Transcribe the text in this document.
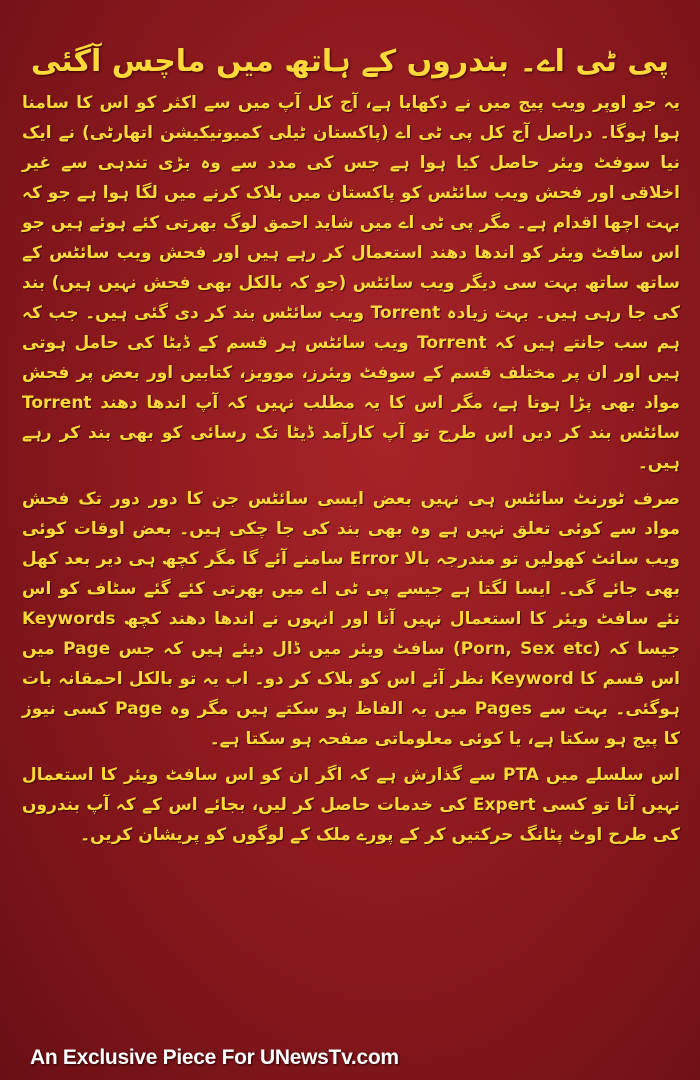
پی ٹی اے۔ بندروں کے ہاتھ میں ماچس آگئی

یہ جو اوپر ویب پیج میں نے دکھایا ہے، آج کل آپ میں سے اکثر کو اس کا سامنا ہوا ہوگا۔ دراصل آج کل پی ٹی اے (پاکستان ٹیلی کمیونیکیشن اتھارٹی) نے ایک نیا سوفٹ ویئر حاصل کیا ہوا ہے جس کی مدد سے وہ بڑی تندہی سے غیر اخلاقی اور فحش ویب سائٹس کو پاکستان میں بلاک کرنے میں لگا ہوا ہے جو کہ بہت اچھا اقدام ہے۔ مگر پی ٹی اے میں شاید احمق لوگ بھرتی کئے ہوئے ہیں جو اس سافٹ ویئر کو اندھا دھند استعمال کر رہے ہیں اور فحش ویب سائٹس کے ساتھ ساتھ بہت سی دیگر ویب سائٹس (جو کہ بالکل بھی فحش نہیں ہیں) بند کی جا رہی ہیں۔ بہت زیادہ Torrent ویب سائٹس بند کر دی گئی ہیں۔ جب کہ ہم سب جانتے ہیں کہ Torrent ویب سائٹس ہر قسم کے ڈیٹا کی حامل ہوتی ہیں اور ان پر مختلف قسم کے سوفٹ ویئرز، موویز، کتابیں اور بعض پر فحش مواد بھی پڑا ہوتا ہے، مگر اس کا یہ مطلب نہیں کہ آپ اندھا دھند Torrent سائٹس بند کر دیں اس طرح تو آپ کارآمد ڈیٹا تک رسائی کو بھی بند کر رہے ہیں۔

صرف ٹورنٹ سائٹس ہی نہیں بعض ایسی سائٹس جن کا دور دور تک فحش مواد سے کوئی تعلق نہیں ہے وہ بھی بند کی جا چکی ہیں۔ بعض اوقات کوئی ویب سائٹ کھولیں تو مندرجہ بالا Error سامنے آئے گا مگر کچھ ہی دیر بعد کھل بھی جائے گی۔ ایسا لگتا ہے جیسے پی ٹی اے میں بھرتی کئے گئے سٹاف کو اس نئے سافٹ ویئر کا استعمال نہیں آتا اور انہوں نے اندھا دھند کچھ Keywords جیسا کہ (Porn, Sex etc) سافٹ ویئر میں ڈال دیئے ہیں کہ جس Page میں اس قسم کا Keyword نظر آئے اس کو بلاک کر دو۔ اب یہ تو بالکل احمقانہ بات ہوگئی۔ بہت سے Pages میں یہ الفاظ ہو سکتے ہیں مگر وہ Page کسی نیوز کا پیج ہو سکتا ہے، یا کوئی معلوماتی صفحہ ہو سکتا ہے۔

اس سلسلے میں PTA سے گذارش ہے کہ اگر ان کو اس سافٹ ویئر کا استعمال نہیں آتا تو کسی Expert کی خدمات حاصل کر لیں، بجائے اس کے کہ آپ بندروں کی طرح اوٹ پٹانگ حرکتیں کر کے پورے ملک کے لوگوں کو پریشان کریں۔

An Exclusive Piece For UNewsTv.com
